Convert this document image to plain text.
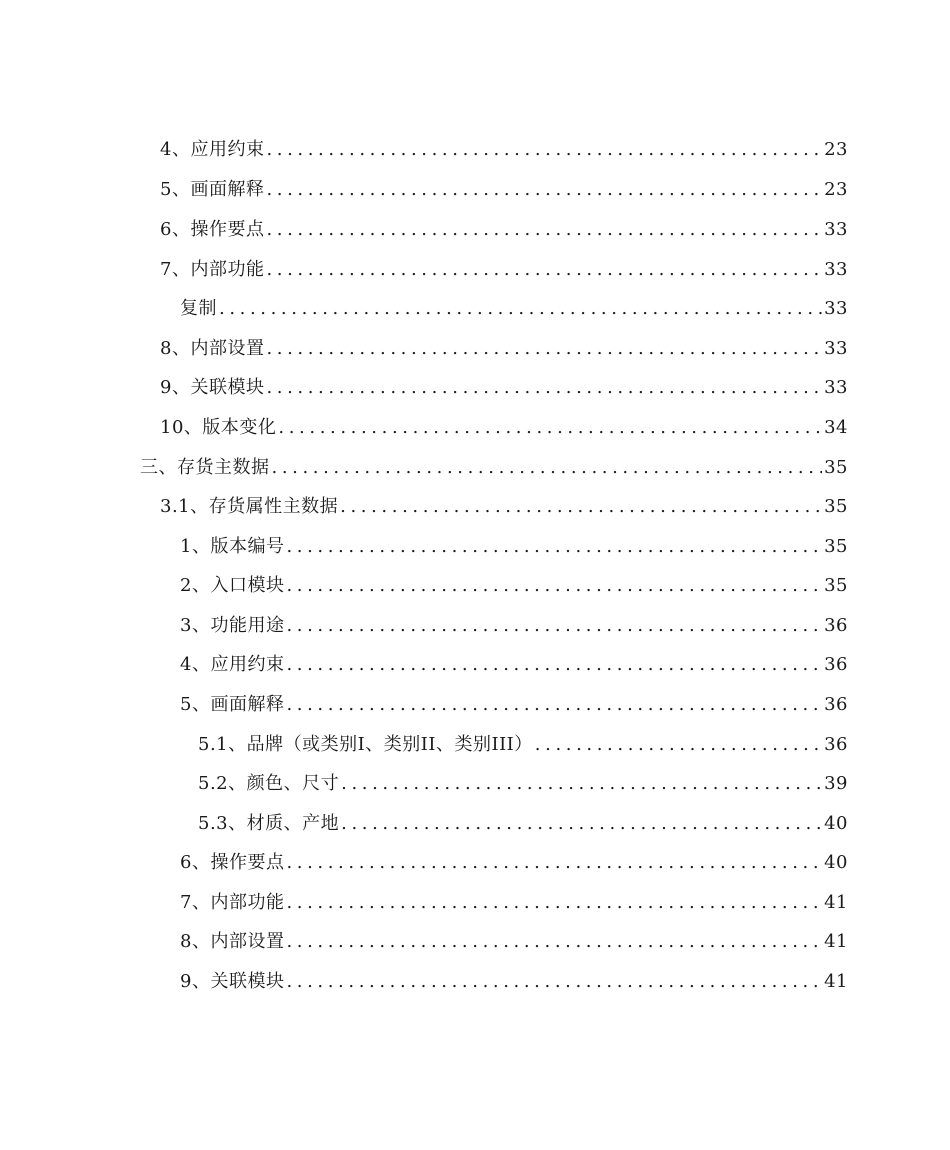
4、应用约束 .....	23
5、画面解释 .....	23
6、操作要点 .....	33
7、内部功能 .....	33
复制 .....	33
8、内部设置 .....	33
9、关联模块 .....	33
10、版本变化 .....	34
三、存货主数据 .....	35
3.1、存货属性主数据 .....	35
1、版本编号 .....	35
2、入口模块 .....	35
3、功能用途 .....	36
4、应用约束 .....	36
5、画面解释 .....	36
5.1、品牌（或类别I、类别II、类别III） .....	36
5.2、颜色、尺寸 .....	39
5.3、材质、产地 .....	40
6、操作要点 .....	40
7、内部功能 .....	41
8、内部设置 .....	41
9、关联模块 .....	41
